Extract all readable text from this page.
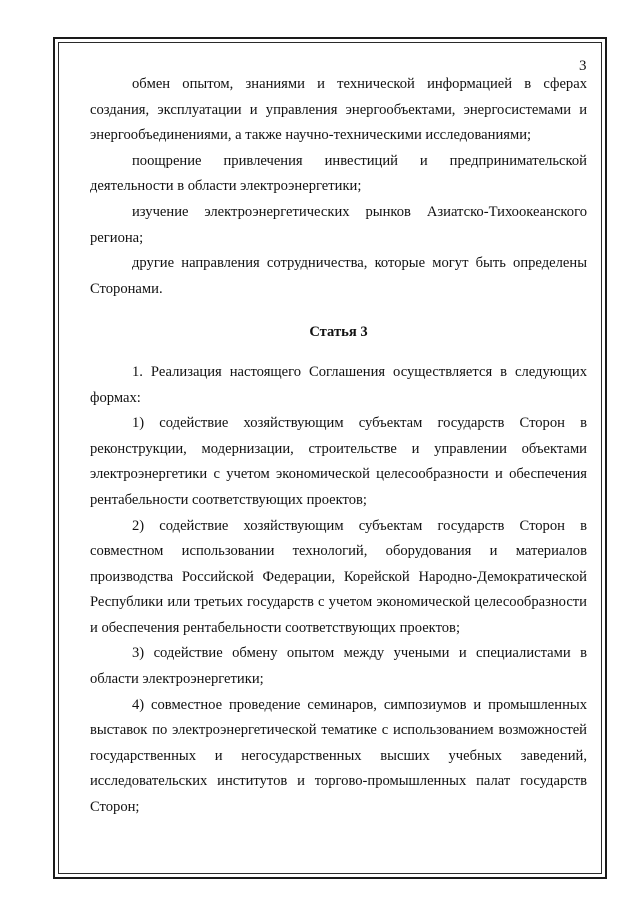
3

обмен опытом, знаниями и технической информацией в сферах создания, эксплуатации и управления энергообъектами, энергосистемами и энергообъединениями, а также научно-техническими исследованиями;

поощрение привлечения инвестиций и предпринимательской деятельности в области электроэнергетики;

изучение электроэнергетических рынков Азиатско-Тихоокеанского региона;

другие направления сотрудничества, которые могут быть определены Сторонами.

Статья 3

1. Реализация настоящего Соглашения осуществляется в следующих формах:

1) содействие хозяйствующим субъектам государств Сторон в реконструкции, модернизации, строительстве и управлении объектами электроэнергетики с учетом экономической целесообразности и обеспечения рентабельности соответствующих проектов;

2) содействие хозяйствующим субъектам государств Сторон в совместном использовании технологий, оборудования и материалов производства Российской Федерации, Корейской Народно-Демократической Республики или третьих государств с учетом экономической целесообразности и обеспечения рентабельности соответствующих проектов;

3) содействие обмену опытом между учеными и специалистами в области электроэнергетики;

4) совместное проведение семинаров, симпозиумов и промышленных выставок по электроэнергетической тематике с использованием возможностей государственных и негосударственных высших учебных заведений, исследовательских институтов и торгово-промышленных палат государств Сторон;
